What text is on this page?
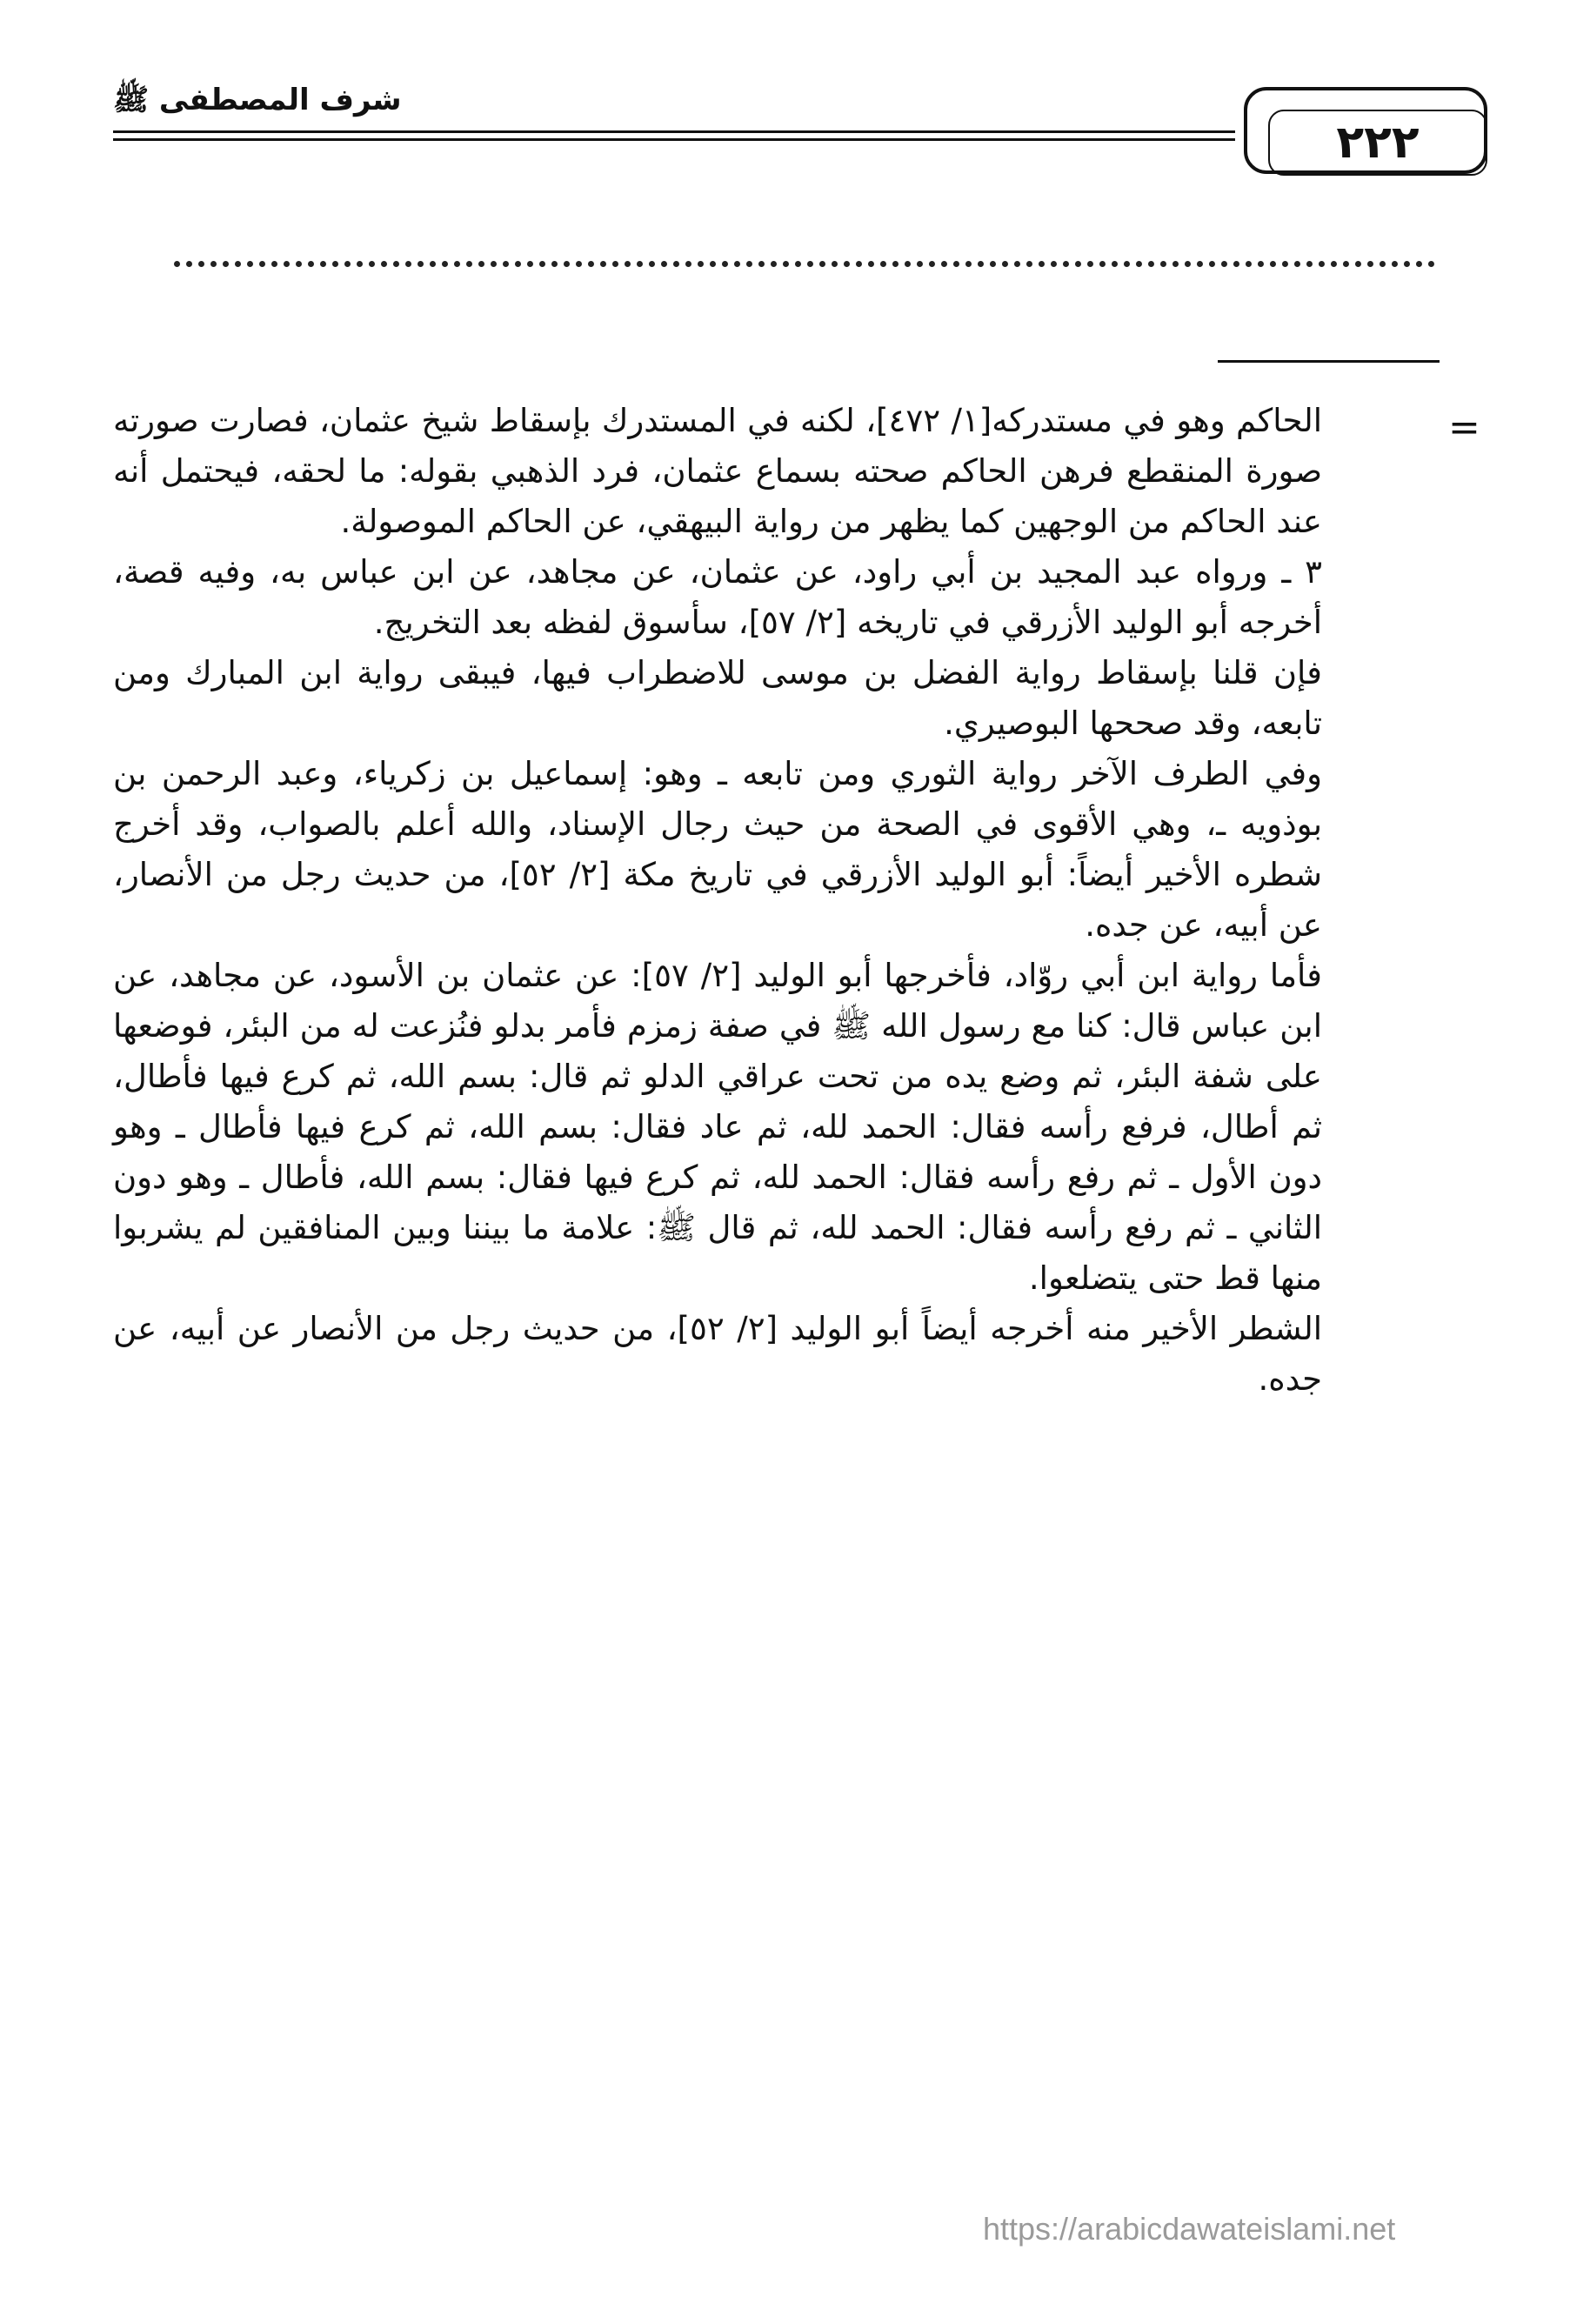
شرف المصطفى ﷺ
٢٢٢
=

الحاكم وهو في مستدركه[١/ ٤٧٢]، لكنه في المستدرك بإسقاط شيخ عثمان، فصارت صورته صورة المنقطع فرهن الحاكم صحته بسماع عثمان، فرد الذهبي بقوله: ما لحقه، فيحتمل أنه عند الحاكم من الوجهين كما يظهر من رواية البيهقي، عن الحاكم الموصولة.

٣ ـ ورواه عبد المجيد بن أبي راود، عن عثمان، عن مجاهد، عن ابن عباس به، وفيه قصة، أخرجه أبو الوليد الأزرقي في تاريخه [٢/ ٥٧]، سأسوق لفظه بعد التخريج.

فإن قلنا بإسقاط رواية الفضل بن موسى للاضطراب فيها، فيبقى رواية ابن المبارك ومن تابعه، وقد صححها البوصيري.

وفي الطرف الآخر رواية الثوري ومن تابعه ـ وهو: إسماعيل بن زكرياء، وعبد الرحمن بن بوذويه ـ، وهي الأقوى في الصحة من حيث رجال الإسناد، والله أعلم بالصواب، وقد أخرج شطره الأخير أيضاً: أبو الوليد الأزرقي في تاريخ مكة [٢/ ٥٢]، من حديث رجل من الأنصار، عن أبيه، عن جده.

فأما رواية ابن أبي روّاد، فأخرجها أبو الوليد [٢/ ٥٧]: عن عثمان بن الأسود، عن مجاهد، عن ابن عباس قال: كنا مع رسول الله ﷺ في صفة زمزم فأمر بدلو فنُزعت له من البئر، فوضعها على شفة البئر، ثم وضع يده من تحت عراقي الدلو ثم قال: بسم الله، ثم كرع فيها فأطال، ثم أطال، فرفع رأسه فقال: الحمد لله، ثم عاد فقال: بسم الله، ثم كرع فيها فأطال ـ وهو دون الأول ـ ثم رفع رأسه فقال: الحمد لله، ثم كرع فيها فقال: بسم الله، فأطال ـ وهو دون الثاني ـ ثم رفع رأسه فقال: الحمد لله، ثم قال ﷺ: علامة ما بيننا وبين المنافقين لم يشربوا منها قط حتى يتضلعوا.

الشطر الأخير منه أخرجه أيضاً أبو الوليد [٢/ ٥٢]، من حديث رجل من الأنصار عن أبيه، عن جده.

https://arabicdawateislami.net
